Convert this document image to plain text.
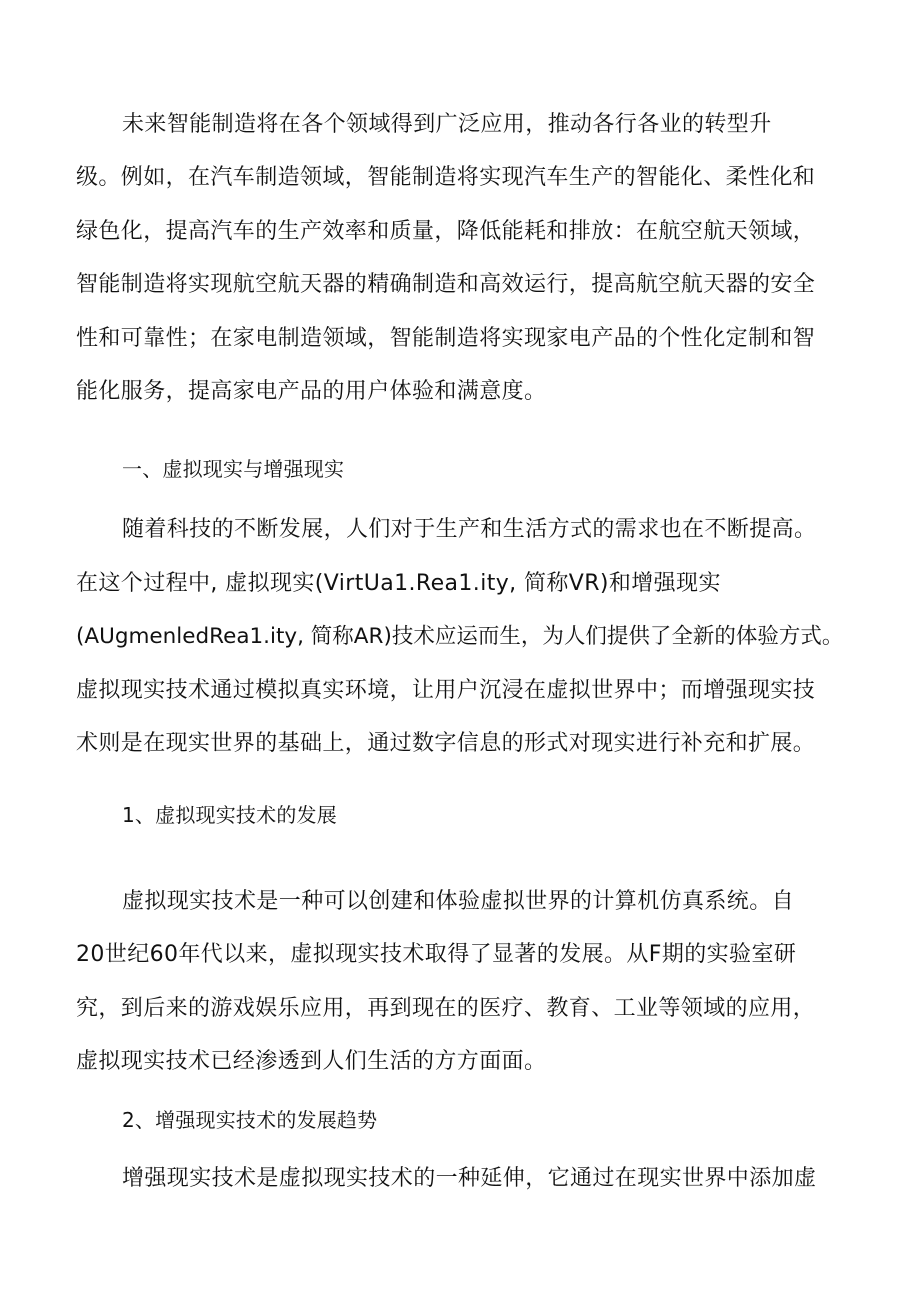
未来智能制造将在各个领域得到广泛应用，推动各行各业的转型升
级。例如，在汽车制造领域，智能制造将实现汽车生产的智能化、柔性化和
绿色化，提高汽车的生产效率和质量，降低能耗和排放：在航空航天领域，
智能制造将实现航空航天器的精确制造和高效运行，提高航空航天器的安全
性和可靠性；在家电制造领域，智能制造将实现家电产品的个性化定制和智
能化服务，提高家电产品的用户体验和满意度。
一、虚拟现实与增强现实
随着科技的不断发展，人们对于生产和生活方式的需求也在不断提高。
在这个过程中, 虚拟现实(VirtUa1.Rea1.ity, 简称VR)和增强现实
(AUgmenledRea1.ity, 简称AR)技术应运而生，为人们提供了全新的体验方式。
虚拟现实技术通过模拟真实环境，让用户沉浸在虚拟世界中；而增强现实技
术则是在现实世界的基础上，通过数字信息的形式对现实进行补充和扩展。
1、虚拟现实技术的发展
虚拟现实技术是一种可以创建和体验虚拟世界的计算机仿真系统。自
20世纪60年代以来，虚拟现实技术取得了显著的发展。从F期的实验室研
究，到后来的游戏娱乐应用，再到现在的医疗、教育、工业等领域的应用，
虚拟现实技术已经渗透到人们生活的方方面面。
2、增强现实技术的发展趋势
增强现实技术是虚拟现实技术的一种延伸，它通过在现实世界中添加虚
